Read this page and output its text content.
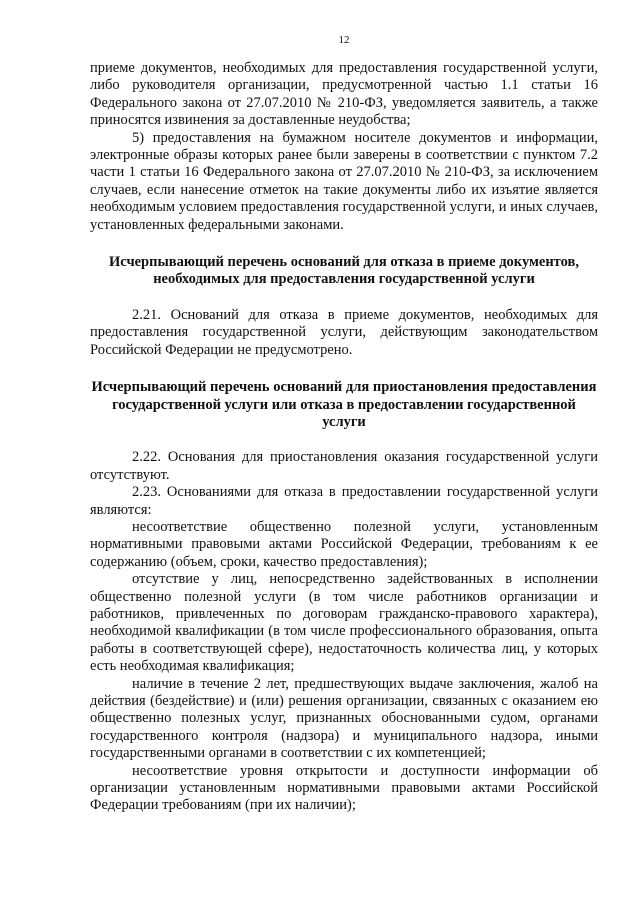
12

приеме документов, необходимых для предоставления государственной услуги, либо руководителя организации, предусмотренной частью 1.1 статьи 16 Федерального закона от 27.07.2010 № 210-ФЗ, уведомляется заявитель, а также приносятся извинения за доставленные неудобства;

5) предоставления на бумажном носителе документов и информации, электронные образы которых ранее были заверены в соответствии с пунктом 7.2 части 1 статьи 16 Федерального закона от 27.07.2010 № 210-ФЗ, за исключением случаев, если нанесение отметок на такие документы либо их изъятие является необходимым условием предоставления государственной услуги, и иных случаев, установленных федеральными законами.

Исчерпывающий перечень оснований для отказа в приеме документов, необходимых для предоставления государственной услуги

2.21. Оснований для отказа в приеме документов, необходимых для предоставления государственной услуги, действующим законодательством Российской Федерации не предусмотрено.

Исчерпывающий перечень оснований для приостановления предоставления государственной услуги или отказа в предоставлении государственной услуги

2.22. Основания для приостановления оказания государственной услуги отсутствуют.

2.23. Основаниями для отказа в предоставлении государственной услуги являются:

несоответствие общественно полезной услуги, установленным нормативными правовыми актами Российской Федерации, требованиям к ее содержанию (объем, сроки, качество предоставления);

отсутствие у лиц, непосредственно задействованных в исполнении общественно полезной услуги (в том числе работников организации и работников, привлеченных по договорам гражданско-правового характера), необходимой квалификации (в том числе профессионального образования, опыта работы в соответствующей сфере), недостаточность количества лиц, у которых есть необходимая квалификация;

наличие в течение 2 лет, предшествующих выдаче заключения, жалоб на действия (бездействие) и (или) решения организации, связанных с оказанием ею общественно полезных услуг, признанных обоснованными судом, органами государственного контроля (надзора) и муниципального надзора, иными государственными органами в соответствии с их компетенцией;

несоответствие уровня открытости и доступности информации об организации установленным нормативными правовыми актами Российской Федерации требованиям (при их наличии);
